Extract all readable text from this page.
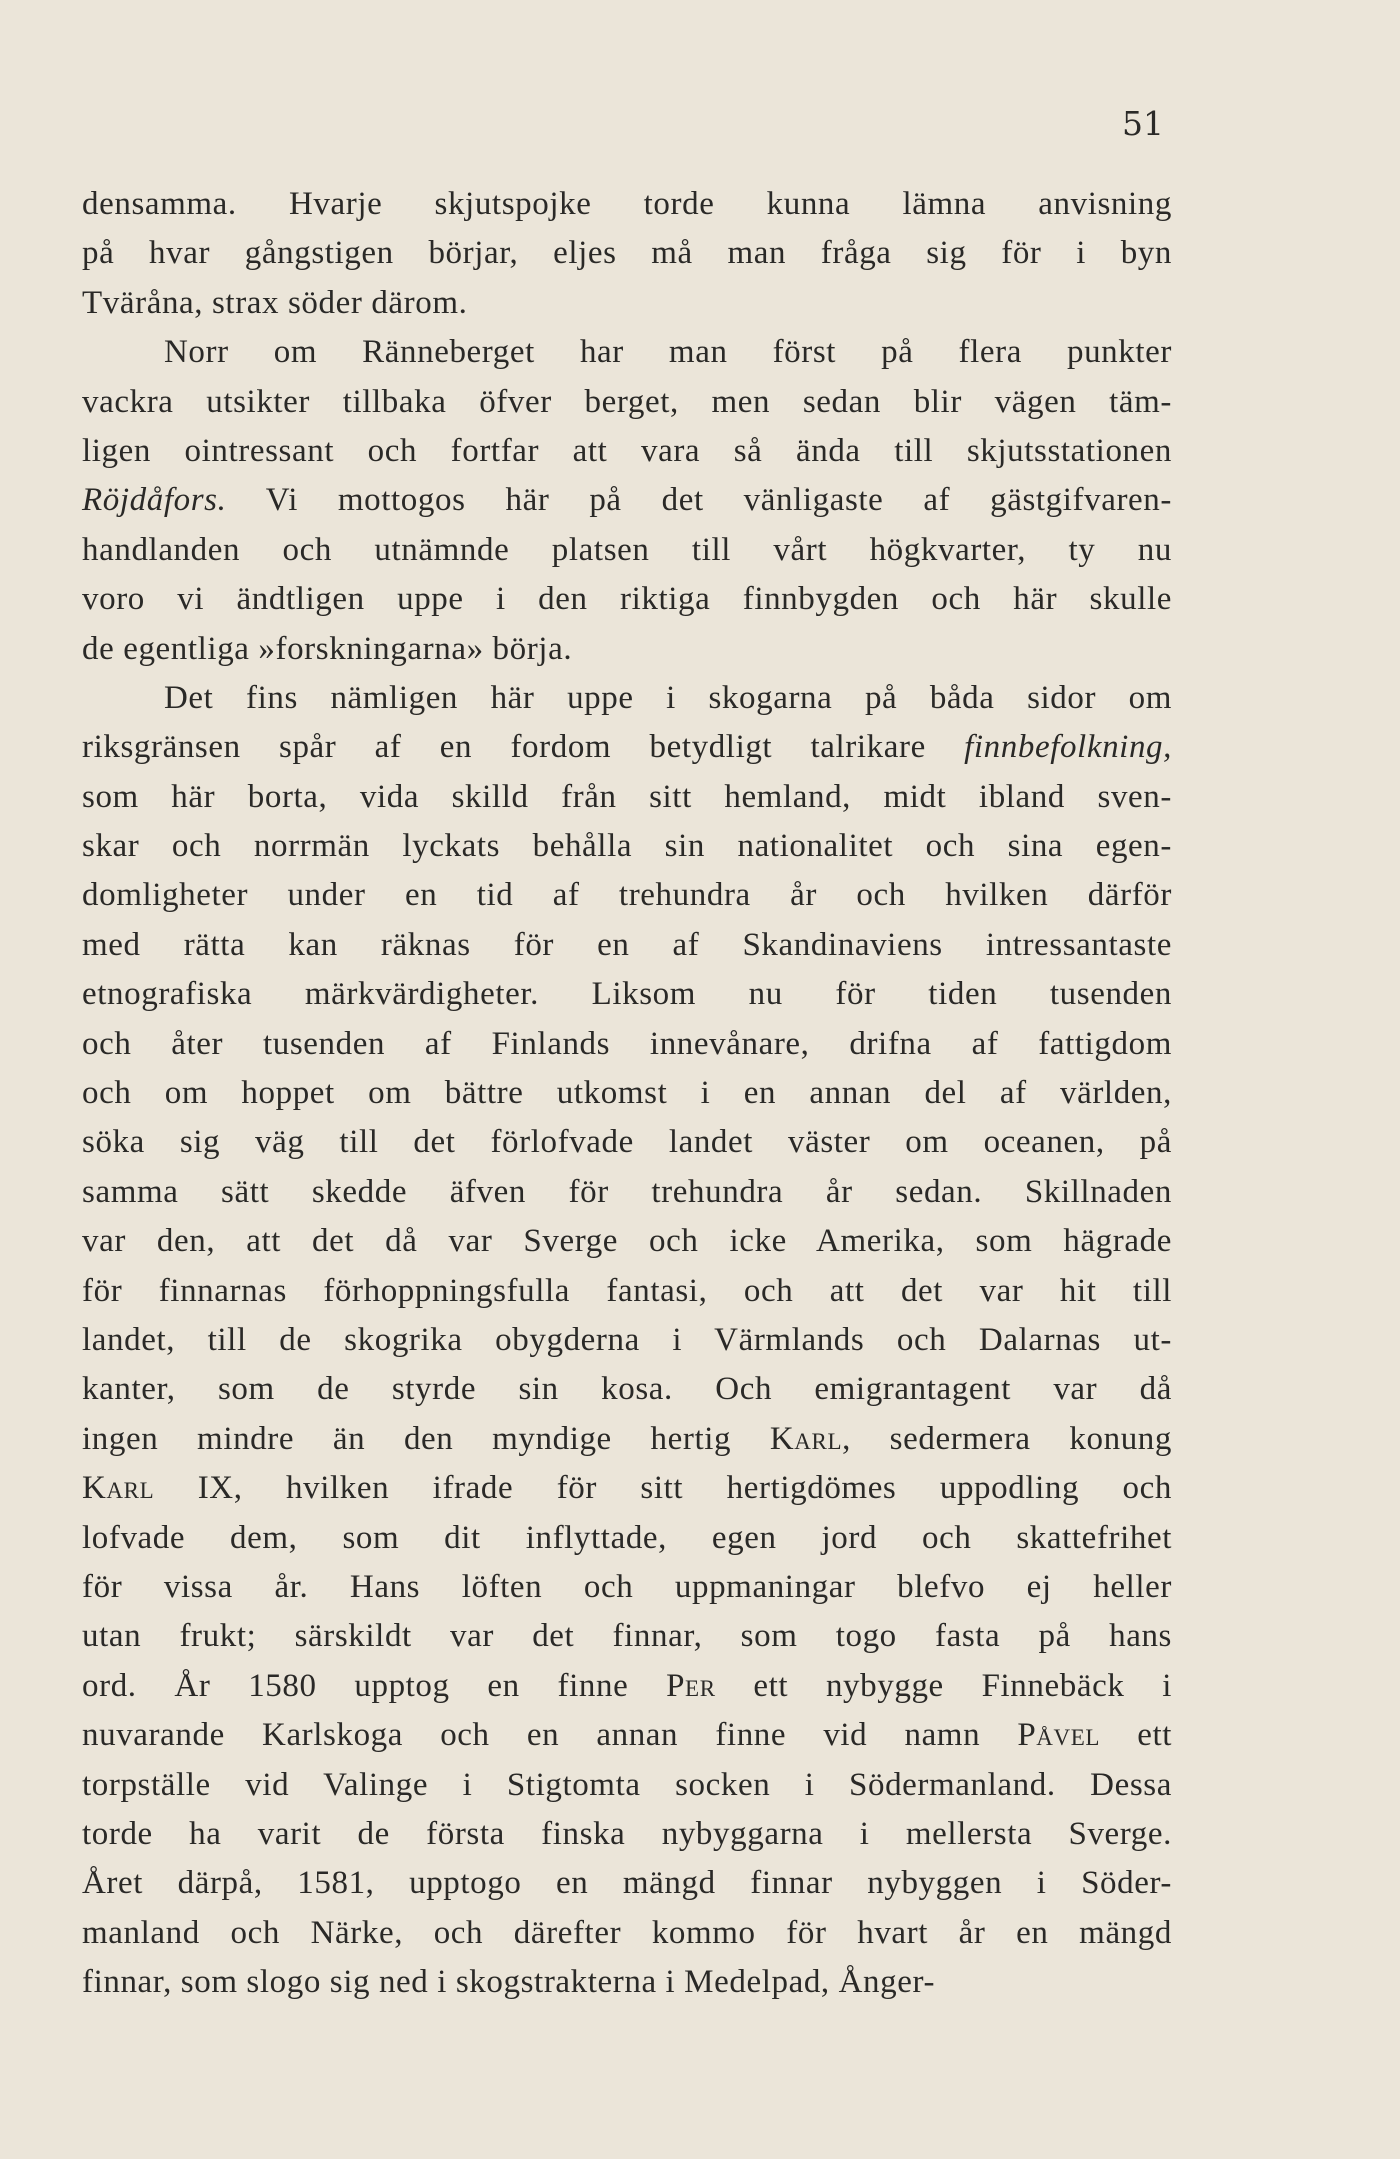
51
densamma. Hvarje skjutspojke torde kunna lämna anvisning
på hvar gångstigen börjar, eljes må man fråga sig för i byn
Tväråna, strax söder därom.
Norr om Ränneberget har man först på flera punkter
vackra utsikter tillbaka öfver berget, men sedan blir vägen täm-
ligen ointressant och fortfar att vara så ända till skjutsstationen
Röjdåfors. Vi mottogos här på det vänligaste af gästgifvaren-
handlanden och utnämnde platsen till vårt högkvarter, ty nu
voro vi ändtligen uppe i den riktiga finnbygden och här skulle
de egentliga »forskningarna» börja.
Det fins nämligen här uppe i skogarna på båda sidor om
riksgränsen spår af en fordom betydligt talrikare finnbefolkning,
som här borta, vida skilld från sitt hemland, midt ibland sven-
skar och norrmän lyckats behålla sin nationalitet och sina egen-
domligheter under en tid af trehundra år och hvilken därför
med rätta kan räknas för en af Skandinaviens intressantaste
etnografiska märkvärdigheter. Liksom nu för tiden tusenden
och åter tusenden af Finlands innevånare, drifna af fattigdom
och om hoppet om bättre utkomst i en annan del af världen,
söka sig väg till det förlofvade landet väster om oceanen, på
samma sätt skedde äfven för trehundra år sedan. Skillnaden
var den, att det då var Sverge och icke Amerika, som hägrade
för finnarnas förhoppningsfulla fantasi, och att det var hit till
landet, till de skogrika obygderna i Värmlands och Dalarnas ut-
kanter, som de styrde sin kosa. Och emigrantagent var då
ingen mindre än den myndige hertig Karl, sedermera konung
Karl IX, hvilken ifrade för sitt hertigdömes uppodling och
lofvade dem, som dit inflyttade, egen jord och skattefrihet
för vissa år. Hans löften och uppmaningar blefvo ej heller
utan frukt; särskildt var det finnar, som togo fasta på hans
ord. År 1580 upptog en finne Per ett nybygge Finnebäck i
nuvarande Karlskoga och en annan finne vid namn Påvel ett
torpställe vid Valinge i Stigtomta socken i Södermanland. Dessa
torde ha varit de första finska nybyggarna i mellersta Sverge.
Året därpå, 1581, upptogo en mängd finnar nybyggen i Söder-
manland och Närke, och därefter kommo för hvart år en mängd
finnar, som slogo sig ned i skogstrakterna i Medelpad, Ånger-
